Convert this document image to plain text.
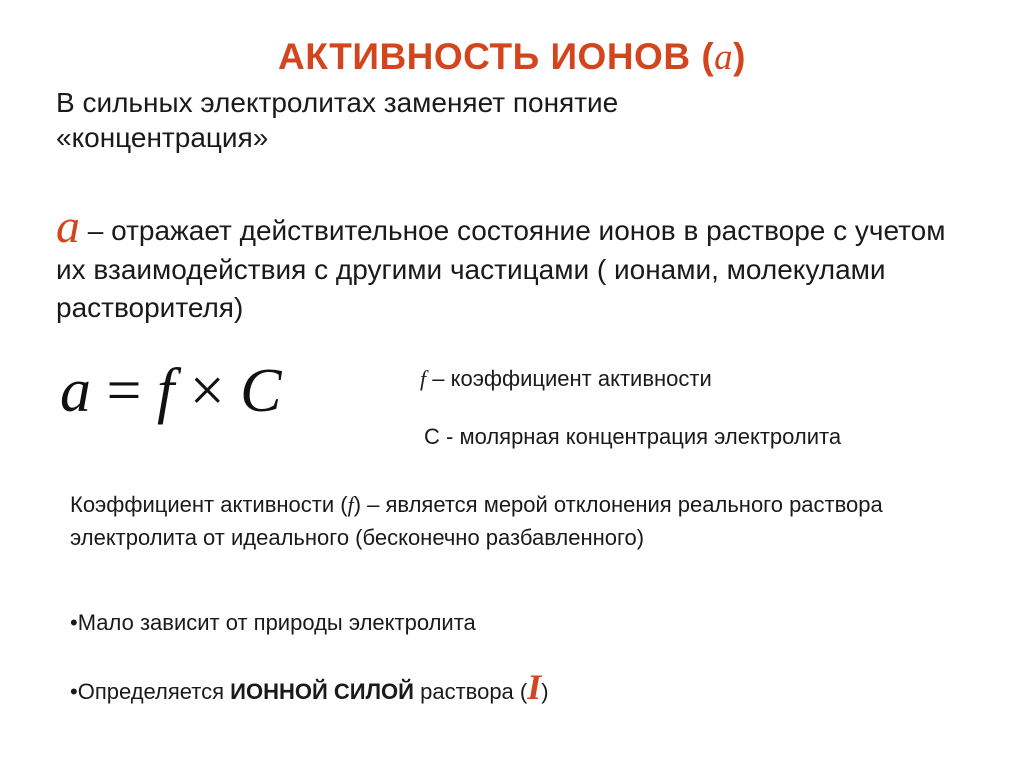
АКТИВНОСТЬ ИОНОВ (a)
В сильных электролитах заменяет понятие
«концентрация»
a – отражает действительное состояние ионов в растворе с учетом их взаимодействия с другими частицами ( ионами, молекулами растворителя)
a = f × C	f – коэффициент активности
C - молярная концентрация электролита
Коэффициент активности (f) – является мерой отклонения реального раствора электролита от идеального (бесконечно разбавленного)
•Мало зависит от природы электролита
•Определяется ИОННОЙ СИЛОЙ раствора (I)
